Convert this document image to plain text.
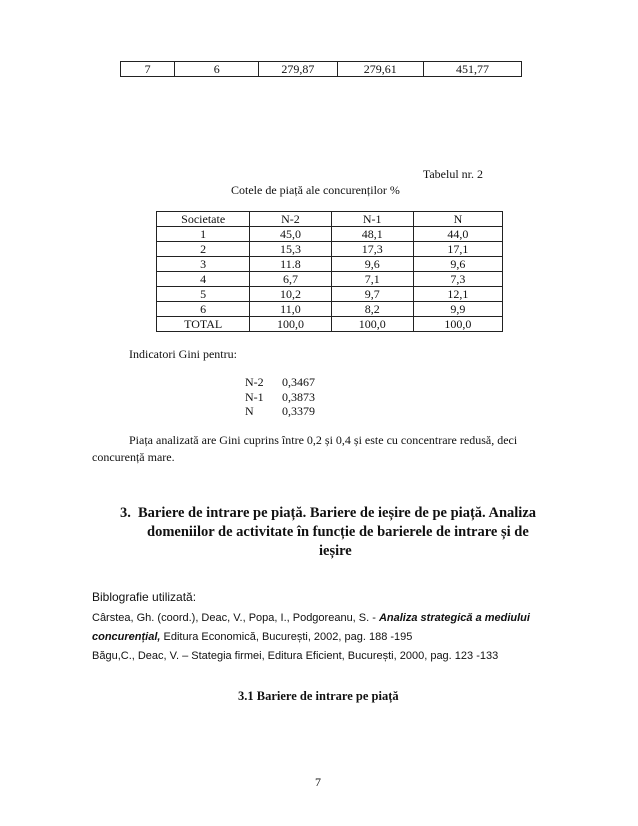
7	6	279,87	279,61	451,77
Tabelul nr. 2
Cotele de piață ale concurenților %
Societate	N-2	N-1	N
1	45,0	48,1	44,0
2	15,3	17,3	17,1
3	11.8	9,6	9,6
4	6,7	7,1	7,3
5	10,2	9,7	12,1
6	11,0	8,2	9,9
TOTAL	100,0	100,0	100,0
Indicatori Gini pentru:
N-2 0,3467
N-1 0,3873
N 0,3379
Piața analizată are Gini cuprins între 0,2 și 0,4 și este cu concentrare redusă, deci
concurență mare.
3. Bariere de intrare pe piață. Bariere de ieșire de pe piață. Analiza
domeniilor de activitate în funcție de barierele de intrare și de
ieșire
Biblografie utilizată:
Cârstea, Gh. (coord.), Deac, V., Popa, I., Podgoreanu, S. - Analiza strategică a mediului
concurențial, Editura Economică, București, 2002, pag. 188 -195
Băgu,C., Deac, V. – Stategia firmei, Editura Eficient, București, 2000, pag. 123 -133
3.1 Bariere de intrare pe piață
7
